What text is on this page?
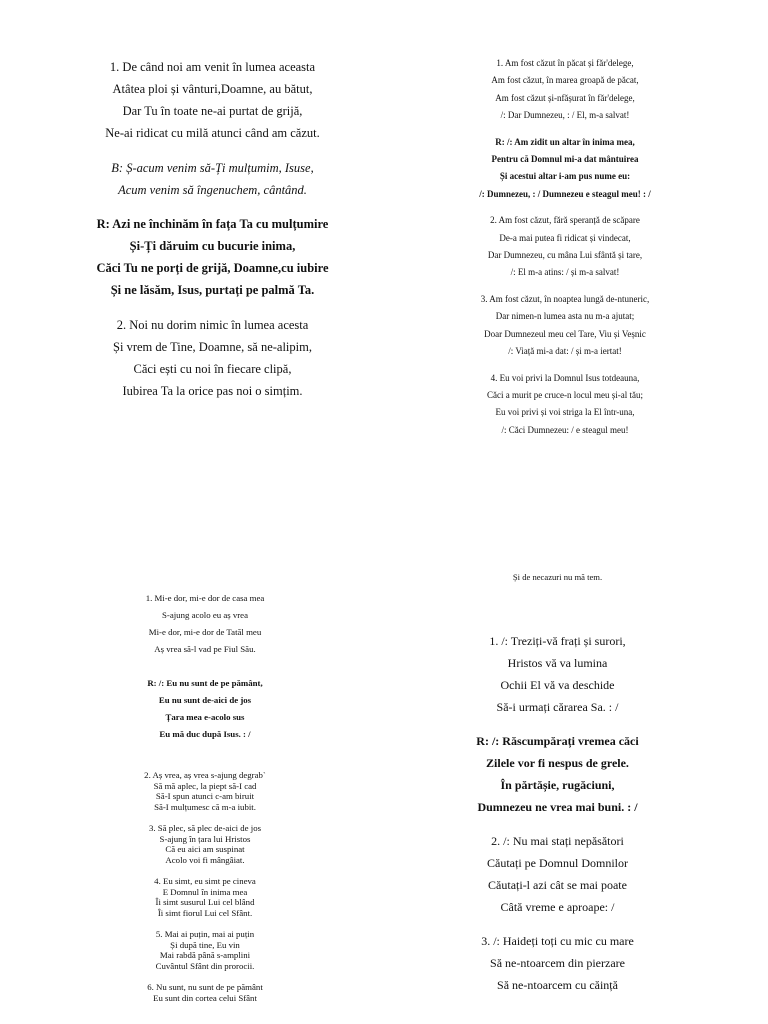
1. De când noi am venit în lumea aceasta

Atâtea ploi și vânturi,Doamne, au bătut,

Dar Tu în toate ne-ai purtat de grijă,

Ne-ai ridicat cu milă atunci când am căzut.

B: Ș-acum venim să-Ți mulțumim, Isuse,

Acum venim să îngenuchem, cântând.

R: Azi ne închinăm în fața Ta cu mulțumire

Și-Ți dăruim cu bucurie inima,

Căci Tu ne porți de grijă, Doamne,cu iubire

Și ne lăsăm, Isus, purtați pe palmă Ta.

2. Noi nu dorim nimic în lumea acesta

Și vrem de Tine, Doamne, să ne-alipim,

Căci ești cu noi în fiecare clipă,

Iubirea Ta la orice pas noi o simțim.

1. Am fost căzut în păcat și făr'delege,

Am fost căzut, în marea groapă de păcat,

Am fost căzut și-nfășurat în făr'delege,

/: Dar Dumnezeu, : / El, m-a salvat!

R: /: Am zidit un altar în inima mea,

Pentru că Domnul mi-a dat mântuirea

Și acestui altar i-am pus nume eu:

/: Dumnezeu, : / Dumnezeu e steagul meu! : /

2. Am fost căzut, fără speranță de scăpare

De-a mai putea fi ridicat și vindecat,

Dar Dumnezeu, cu mâna Lui sfântă și tare,

/: El m-a atins: / și m-a salvat!

3. Am fost căzut, în noaptea lungă de-ntuneric,

Dar nimen-n lumea asta nu m-a ajutat;

Doar Dumnezeul meu cel Tare, Viu și Veșnic

/: Viață mi-a dat: / și m-a iertat!

4. Eu voi privi la Domnul Isus totdeauna,

Căci a murit pe cruce-n locul meu și-al tău;

Eu voi privi și voi striga la El într-una,

/: Căci Dumnezeu: / e steagul meu!

1. Mi-e dor, mi-e dor de casa mea

S-ajung acolo eu aș vrea

Mi-e dor, mi-e dor de Tatăl meu

Aș vrea să-l vad pe Fiul Său.

R: /: Eu nu sunt de pe pământ,

Eu nu sunt de-aici de jos

Țara mea e-acolo sus

Eu mă duc după Isus. : /

2. Aș vrea, aș vrea s-ajung degrab`

Să mă aplec, la piept să-I cad

Să-I spun atunci c-am biruit

Să-I mulțumesc că m-a iubit.

3. Să plec, să plec de-aici de jos

S-ajung în țara lui Hristos

Că eu aici am suspinat

Acolo voi fi mângâiat.

4. Eu simt, eu simt pe cineva

E Domnul în inima mea

Îi simt susurul Lui cel blând

Îi simt fiorul Lui cel Sfânt.

5. Mai ai puțin, mai ai puțin

Și după tine, Eu vin

Mai rabdă până s-amplini

Cuvântul Sfânt din prorocii.

6. Nu sunt, nu sunt de pe pământ

Eu sunt din cortea celui Sfânt

Și de necazuri nu mă tem.

1. /: Treziți-vă frați și surori,

Hristos vă va lumina

Ochii El vă va deschide

Să-i urmați cărarea Sa. : /

R: /: Răscumpărați vremea căci

Zilele vor fi nespus de grele.

În părtășie, rugăciuni,

Dumnezeu ne vrea mai buni. : /

2. /: Nu mai stați nepăsători

Căutați pe Domnul Domnilor

Căutați-l azi cât se mai poate

Câtă vreme e aproape: /

3. /: Haideți toți cu mic cu mare

Să ne-ntoarcem din pierzare

Să ne-ntoarcem cu căință
